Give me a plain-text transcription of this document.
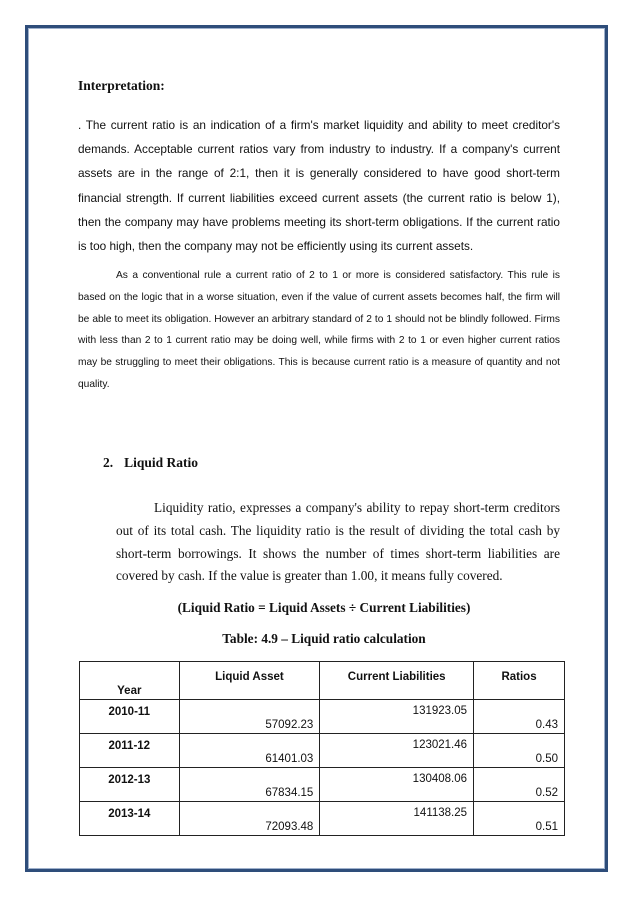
Interpretation:
. The current ratio is an indication of a firm's market liquidity and ability to meet creditor's demands. Acceptable current ratios vary from industry to industry. If a company's current assets are in the range of 2:1, then it is generally considered to have good short-term financial strength. If current liabilities exceed current assets (the current ratio is below 1), then the company may have problems meeting its short-term obligations. If the current ratio is too high, then the company may not be efficiently using its current assets.
As a conventional rule a current ratio of 2 to 1 or more is considered satisfactory. This rule is based on the logic that in a worse situation, even if the value of current assets becomes half, the firm will be able to meet its obligation. However an arbitrary standard of 2 to 1 should not be blindly followed. Firms with less than 2 to 1 current ratio may be doing well, while firms with 2 to 1 or even higher current ratios may be struggling to meet their obligations. This is because current ratio is a measure of quantity and not quality.
2. Liquid Ratio
Liquidity ratio, expresses a company's ability to repay short-term creditors out of its total cash. The liquidity ratio is the result of dividing the total cash by short-term borrowings. It shows the number of times short-term liabilities are covered by cash. If the value is greater than 1.00, it means fully covered.
(Liquid Ratio = Liquid Assets ÷ Current Liabilities)
Table: 4.9 – Liquid ratio calculation
Year	Liquid Asset	Current Liabilities	Ratios
2010-11	57092.23	131923.05	0.43
2011-12	61401.03	123021.46	0.50
2012-13	67834.15	130408.06	0.52
2013-14	72093.48	141138.25	0.51
